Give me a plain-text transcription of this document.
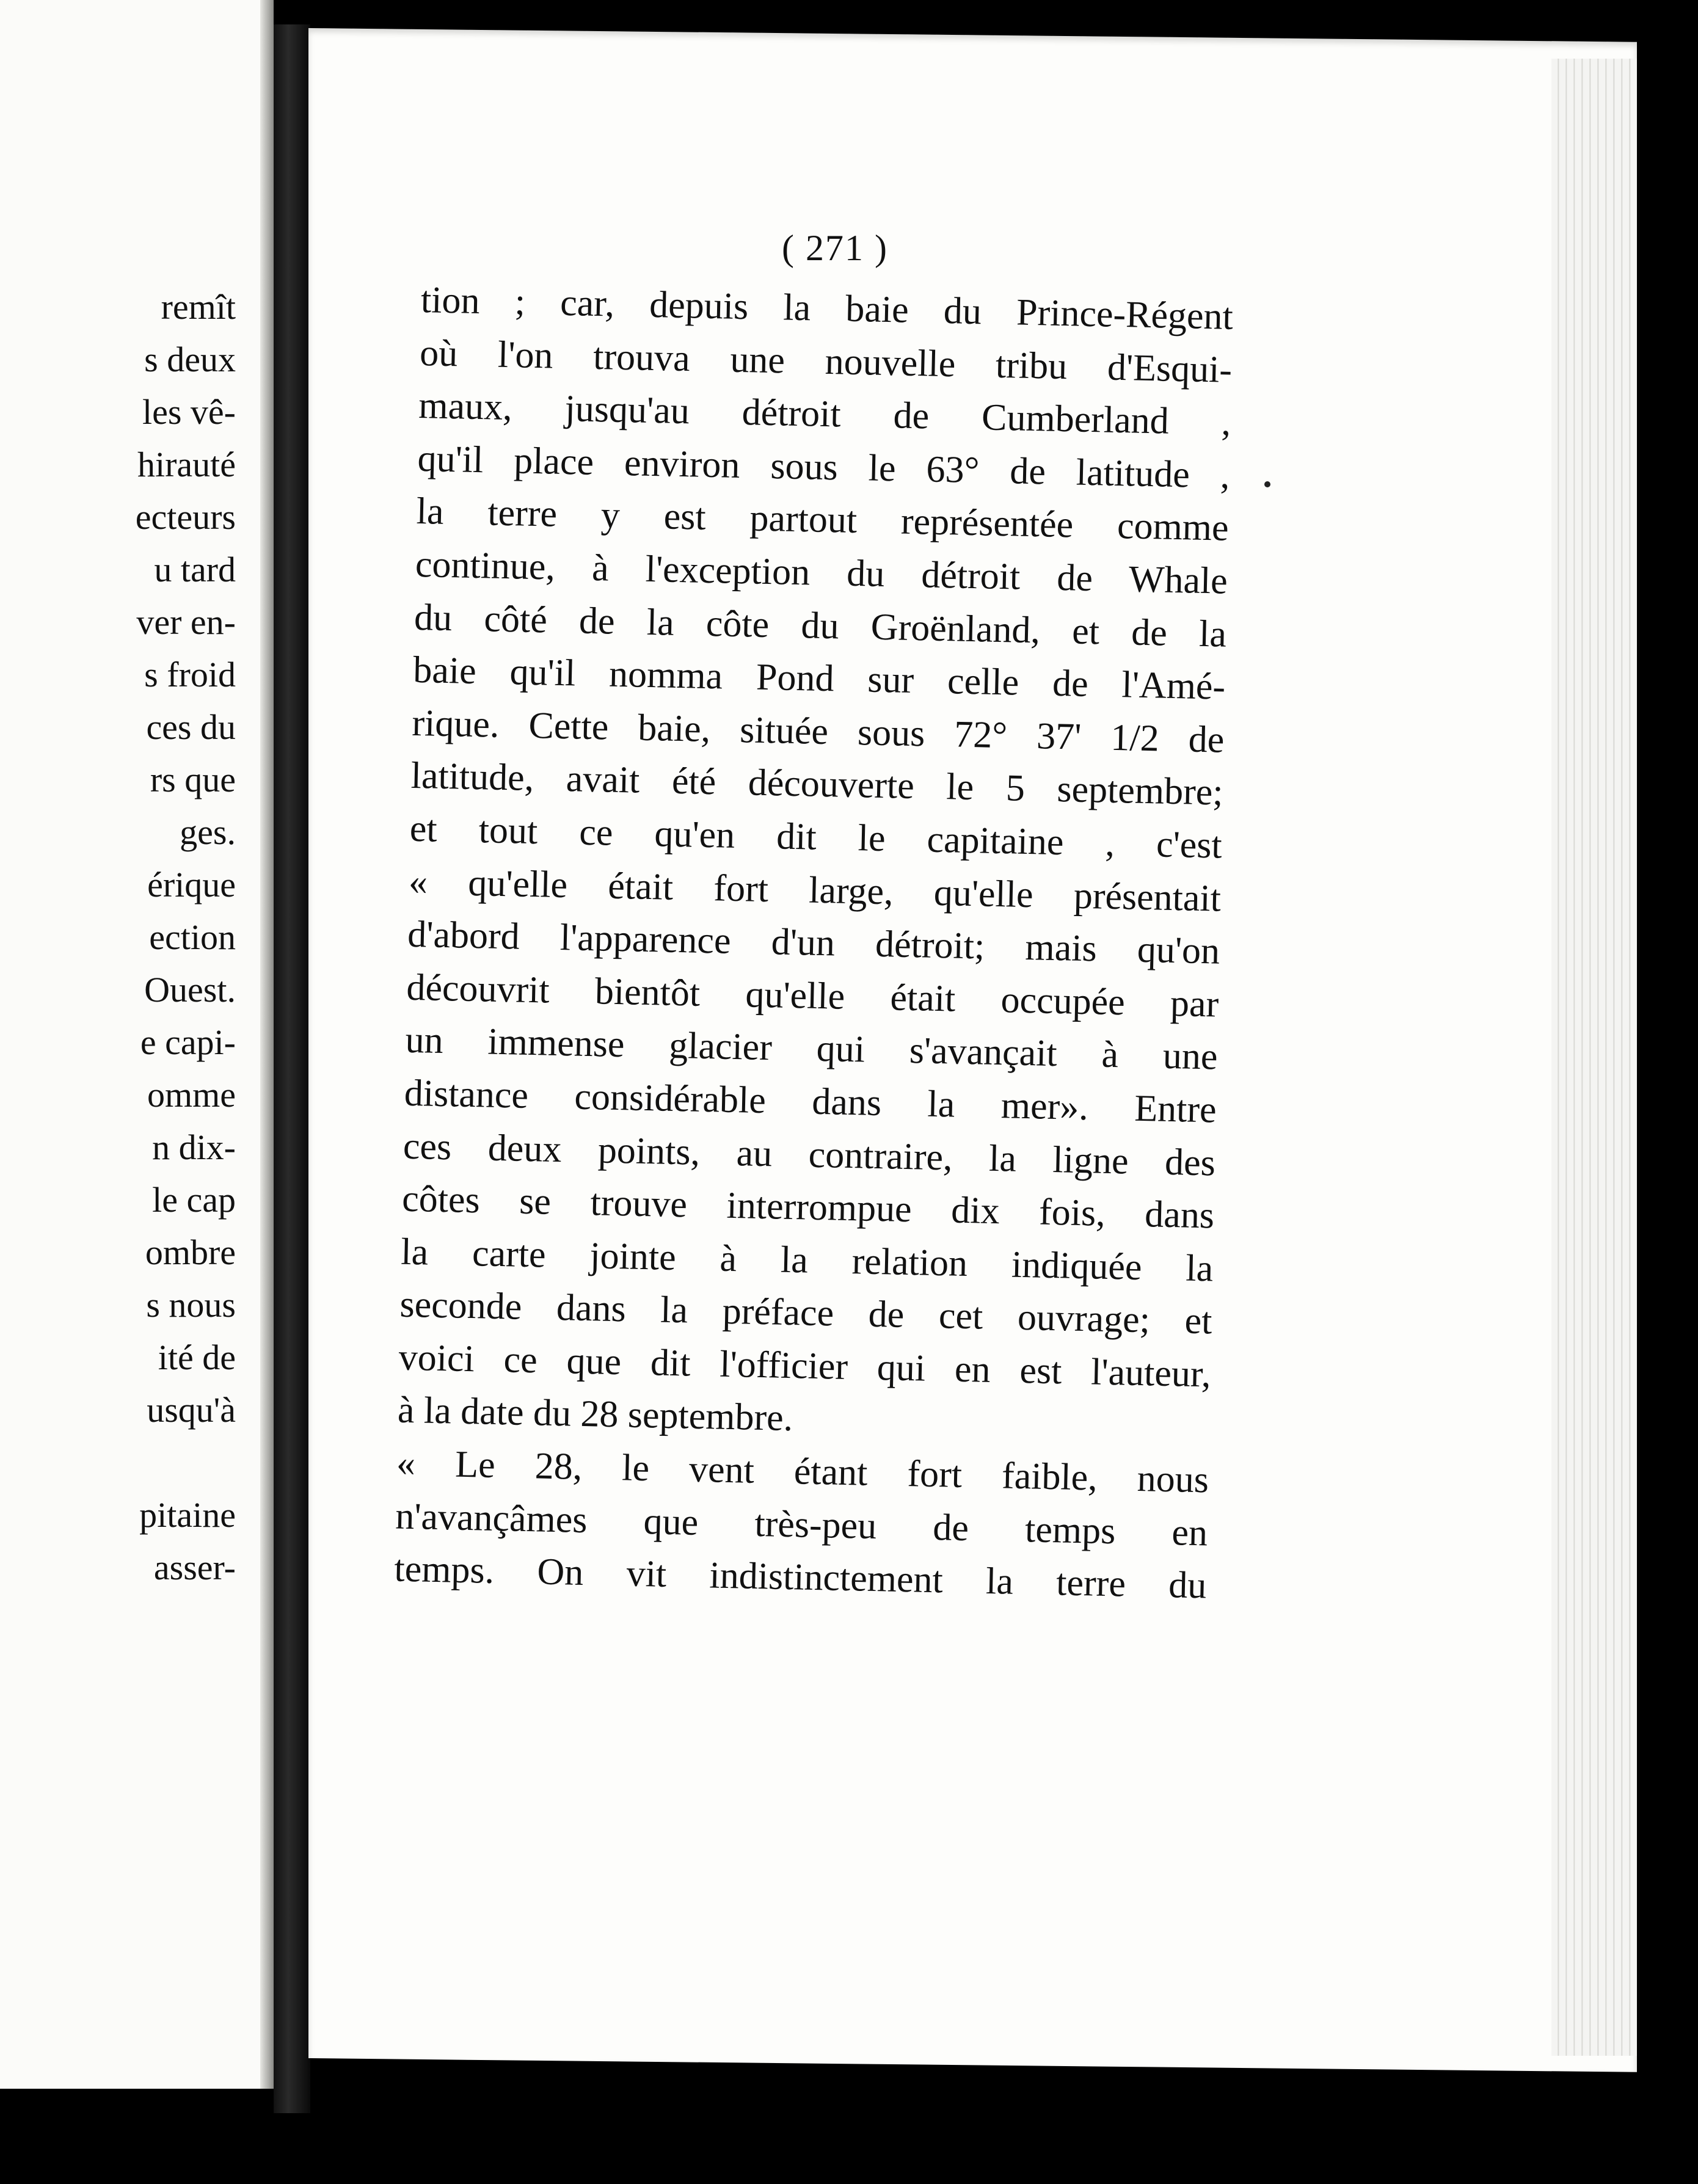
remît
s deux
les vê-
hirauté
ecteurs
u tard
ver en-
s froid
ces du
rs que
ges.
érique
ection
Ouest.
e capi-
omme
n dix-
le cap
ombre
s nous
ité de
usqu'à
pitaine
asser-
( 271 )
tion ; car, depuis la baie du Prince-Régent
où l'on trouva une nouvelle tribu d'Esqui-
maux, jusqu'au détroit de Cumberland ,
qu'il place environ sous le 63° de latitude ,
la terre y est partout représentée comme
continue, à l'exception du détroit de Whale
du côté de la côte du Groënland, et de la
baie qu'il nomma Pond sur celle de l'Amé-
rique. Cette baie, située sous 72° 37' 1/2 de
latitude, avait été découverte le 5 septembre;
et tout ce qu'en dit le capitaine , c'est
« qu'elle était fort large, qu'elle présentait
d'abord l'apparence d'un détroit; mais qu'on
découvrit bientôt qu'elle était occupée par
un immense glacier qui s'avançait à une
distance considérable dans la mer». Entre
ces deux points, au contraire, la ligne des
côtes se trouve interrompue dix fois, dans
la carte jointe à la relation indiquée la
seconde dans la préface de cet ouvrage; et
voici ce que dit l'officier qui en est l'auteur,
à la date du 28 septembre.
« Le 28, le vent étant fort faible, nous
n'avançâmes que très-peu de temps en
temps. On vit indistinctement la terre du
